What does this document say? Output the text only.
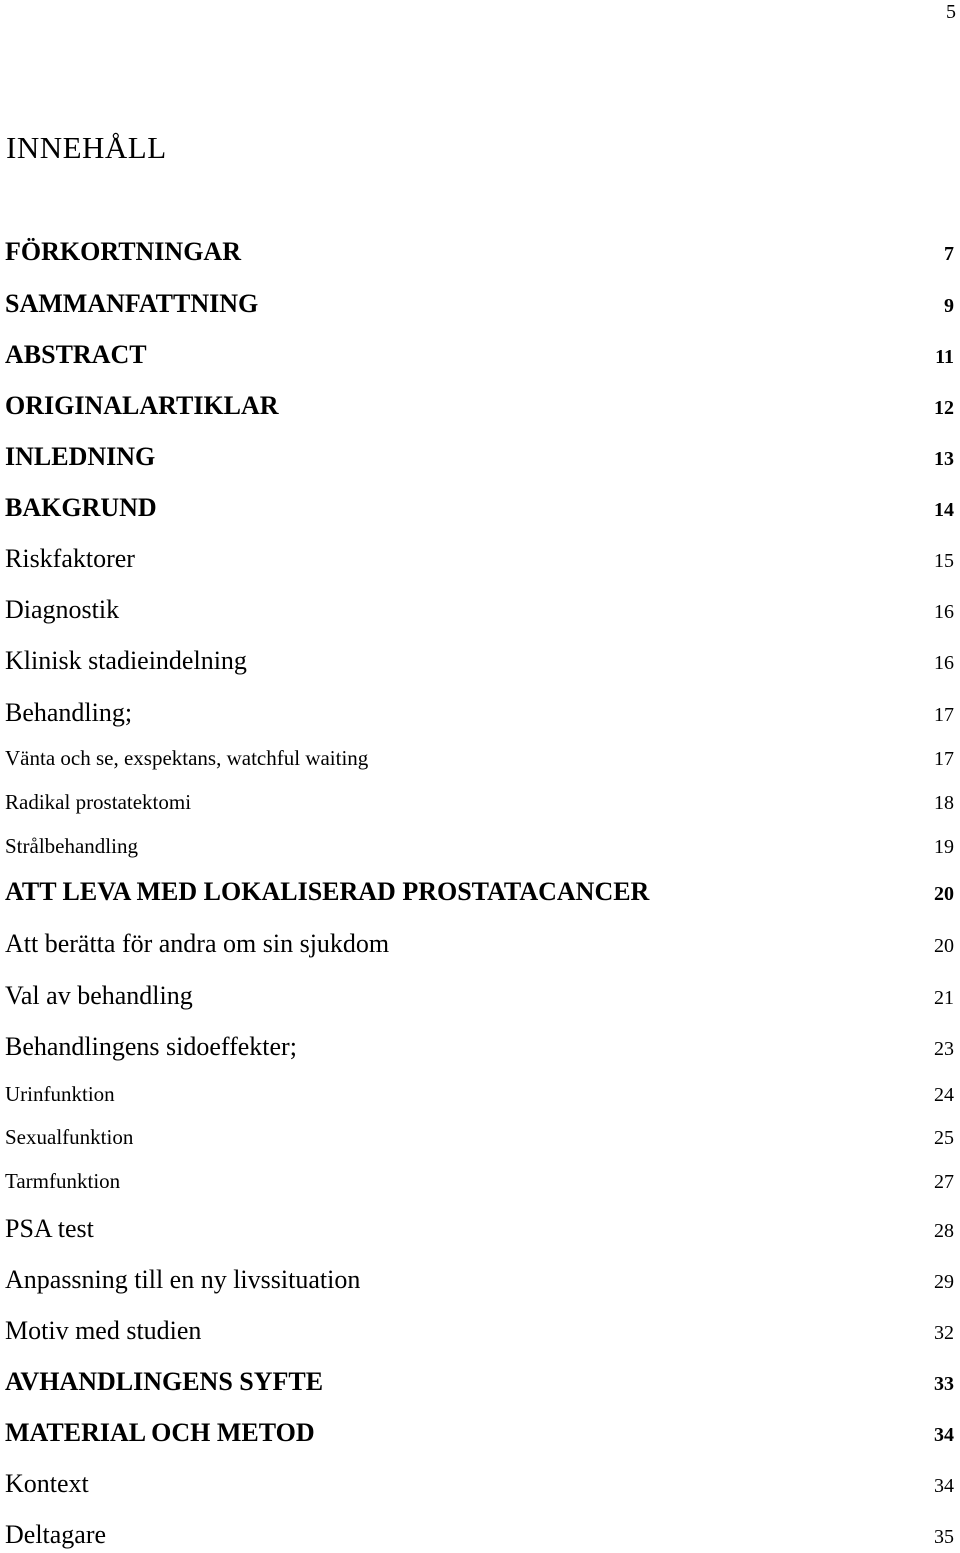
5
INNEHÅLL
FÖRKORTNINGAR	7
SAMMANFATTNING	9
ABSTRACT	11
ORIGINALARTIKLAR	12
INLEDNING	13
BAKGRUND	14
Riskfaktorer	15
Diagnostik	16
Klinisk stadieindelning	16
Behandling;	17
Vänta och se, exspektans, watchful waiting	17
Radikal prostatektomi	18
Strålbehandling	19
ATT LEVA MED LOKALISERAD PROSTATACANCER	20
Att berätta för andra om sin sjukdom	20
Val av behandling	21
Behandlingens sidoeffekter;	23
Urinfunktion	24
Sexualfunktion	25
Tarmfunktion	27
PSA test	28
Anpassning till en ny livssituation	29
Motiv med studien	32
AVHANDLINGENS SYFTE	33
MATERIAL OCH METOD	34
Kontext	34
Deltagare	35
